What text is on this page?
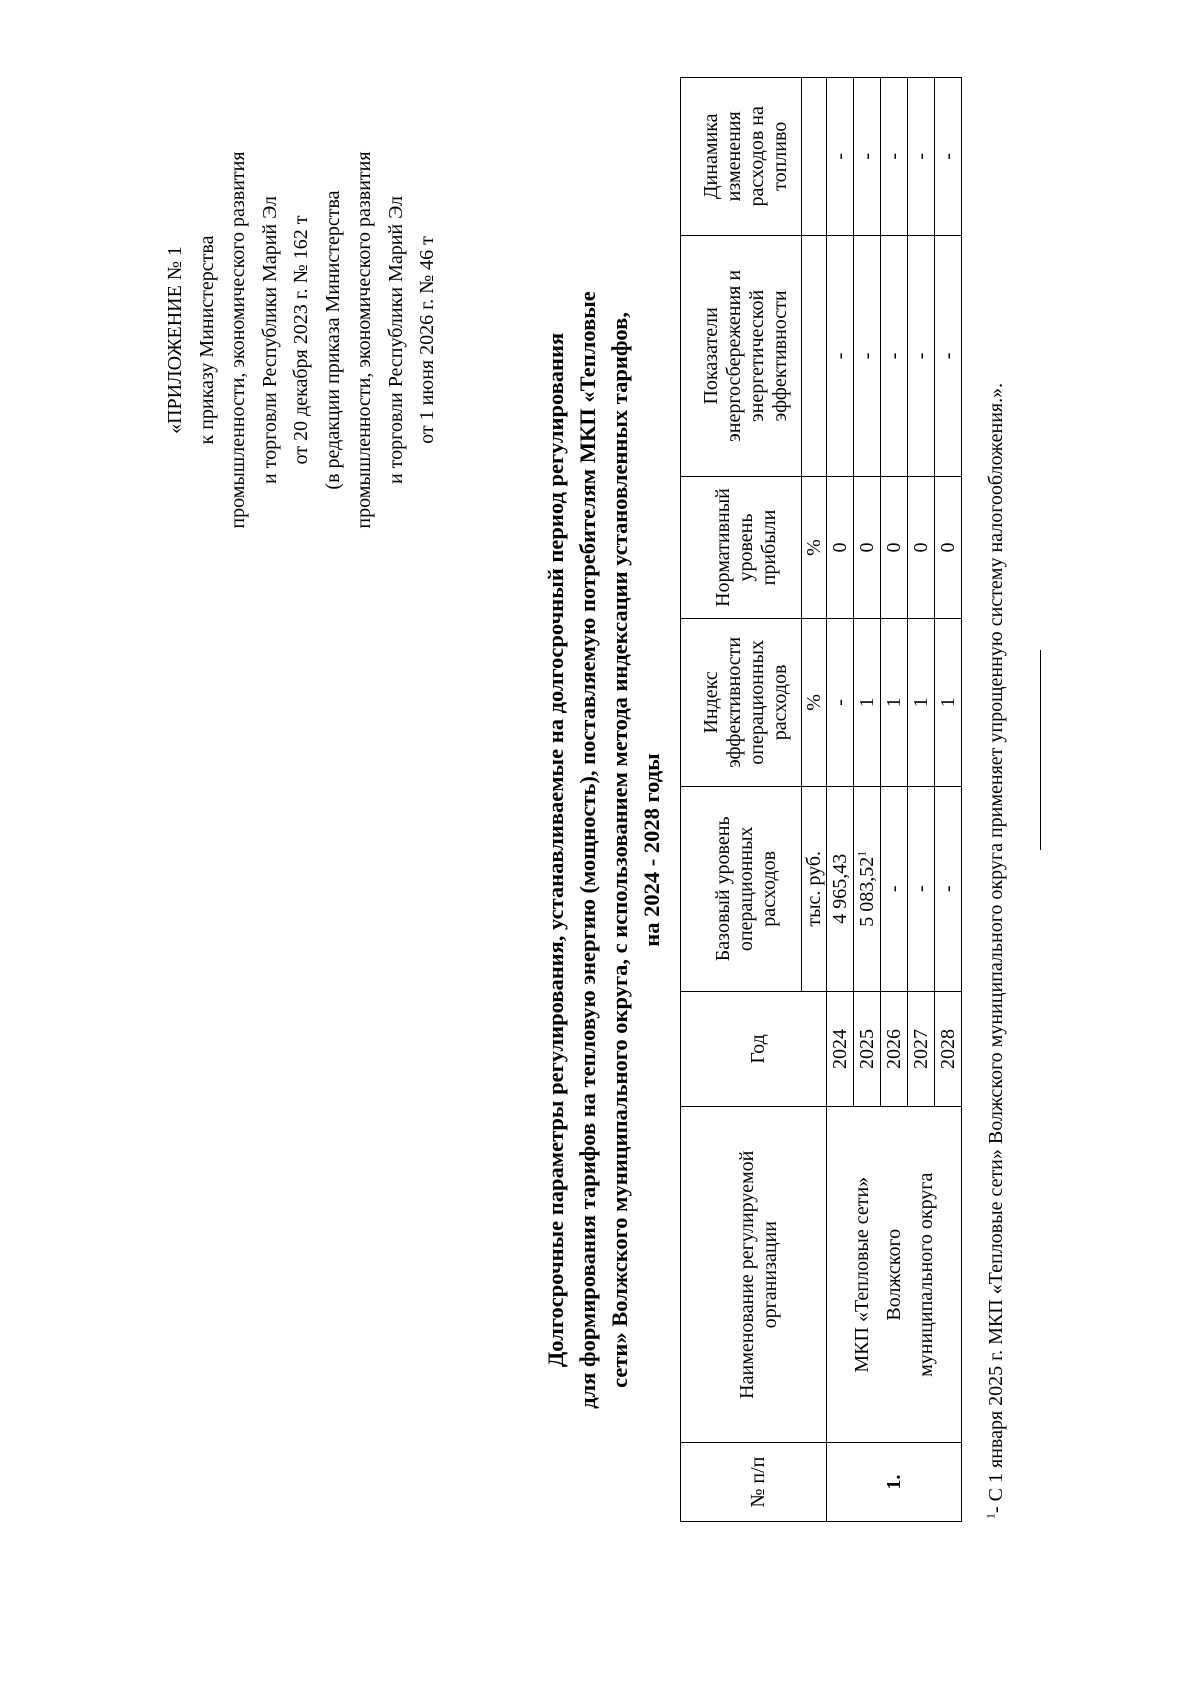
«ПРИЛОЖЕНИЕ № 1 к приказу Министерства промышленности, экономического развития и торговли Республики Марий Эл от 20 декабря 2023 г. № 162 т (в редакции приказа Министерства промышленности, экономического развития и торговли Республики Марий Эл от 1 июня 2026 г. № 46 т	Долгосрочные параметры регулирования, устанавливаемые на долгосрочный период регулирования для формирования тарифов на тепловую энергию (мощность), поставляемую потребителям МКП «Тепловые сети» Волжского муниципального округа, с использованием метода индексации установленных тарифов, на 2024 - 2028 годы
№ п/п	Наименование регулируемой организации	Год	Базовый уровень операционных расходов	Индекс эффективности операционных расходов	Нормативный уровень прибыли	Показатели энергосбережения и энергетической эффективности	Динамика изменения расходов на топливо
			тыс. руб.	%	%		
1.	МКП «Тепловые сети» Волжского муниципального округа	2024	4 965,43	-	0	-	-
		2025	5 083,52$^1$	1	0	-	-
		2026	-	1	0	-	-
		2027	-	1	0	-	-
		2028	-	1	0	-	-
$^1$- С 1 января 2025 г. МКП «Тепловые сети» Волжского муниципального округа применяет упрощенную систему налогообложения.».
